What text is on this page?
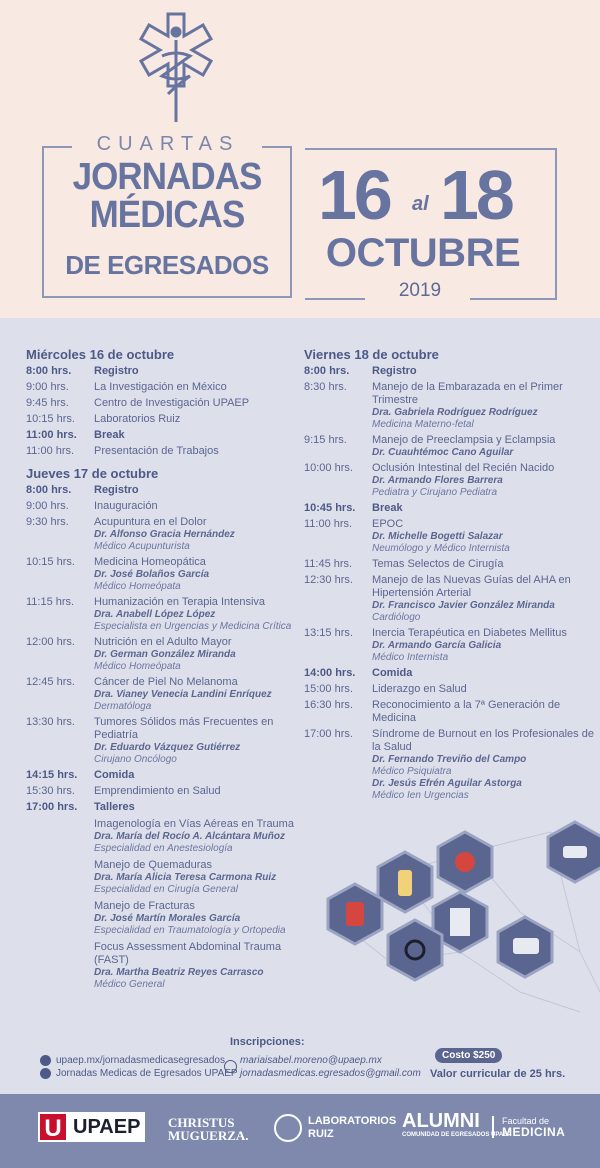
CUARTAS
JORNADAS
MÉDICAS
DE EGRESADOS
16 al 18
OCTUBRE
2019
Miércoles 16 de octubre
8:00 hrs.	Registro
9:00 hrs.	La Investigación en México
9:45 hrs.	Centro de Investigación UPAEP
10:15 hrs.	Laboratorios Ruiz
11:00 hrs.	Break
11:00 hrs.	Presentación de Trabajos
Jueves 17 de octubre
8:00 hrs.	Registro
9:00 hrs.	Inauguración
9:30 hrs.	Acupuntura en el Dolor
Dr. Alfonso Gracia Hernández
Médico Acupunturista
10:15 hrs.	Medicina Homeopática
Dr. José Bolaños García
Médico Homeópata
11:15 hrs.	Humanización en Terapia Intensiva
Dra. Anabell López López
Especialista en Urgencias y Medicina Crítica
12:00 hrs.	Nutrición en el Adulto Mayor
Dr. German González Miranda
Médico Homeópata
12:45 hrs.	Cáncer de Piel No Melanoma
Dra. Vianey Venecia Landini Enríquez
Dermatóloga
13:30 hrs.	Tumores Sólidos más Frecuentes en Pediatría
Dr. Eduardo Vázquez Gutiérrez
Cirujano Oncólogo
14:15 hrs.	Comida
15:30 hrs.	Emprendimiento en Salud
17:00 hrs.	Talleres
Imagenología en Vías Aéreas en Trauma
Dra. María del Rocío A. Alcántara Muñoz
Especialidad en Anestesiología
Manejo de Quemaduras
Dra. María Alicia Teresa Carmona Ruiz
Especialidad en Cirugía General
Manejo de Fracturas
Dr. José Martín Morales García
Especialidad en Traumatología y Ortopedia
Focus Assessment Abdominal Trauma (FAST)
Dra. Martha Beatriz Reyes Carrasco
Médico General
Viernes 18 de octubre
8:00 hrs.	Registro
8:30 hrs.	Manejo de la Embarazada en el Primer Trimestre
Dra. Gabriela Rodríguez Rodríguez
Medicina Materno-fetal
9:15 hrs.	Manejo de Preeclampsia y Eclampsia
Dr. Cuauhtémoc Cano Aguilar
10:00 hrs.	Oclusión Intestinal del Recién Nacido
Dr. Armando Flores Barrera
Pediatra y Cirujano Pediatra
10:45 hrs.	Break
11:00 hrs.	EPOC
Dr. Michelle Bogetti Salazar
Neumólogo y Médico Internista
11:45 hrs.	Temas Selectos de Cirugía
12:30 hrs.	Manejo de las Nuevas Guías del AHA en Hipertensión Arterial
Dr. Francisco Javier González Miranda
Cardiólogo
13:15 hrs.	Inercia Terapéutica en Diabetes Mellitus
Dr. Armando García Galicia
Médico Internista
14:00 hrs.	Comida
15:00 hrs.	Liderazgo en Salud
16:30 hrs.	Reconocimiento a la 7ª Generación de Medicina
17:00 hrs.	Síndrome de Burnout en los Profesionales de la Salud
Dr. Fernando Treviño del Campo
Médico Psiquiatra
Dr. Jesús Efrén Aguilar Astorga
Médico Ien Urgencias
Inscripciones:
upaep.mx/jornadasmedicasegresados
Jornadas Medicas de Egresados UPAEP
mariaisabel.moreno@upaep.mx
jornadasmedicas.egresados@gmail.com
Costo $250
Valor curricular de 25 hrs.
U UPAEP	CHRISTUS
MUGUERZA.
LABORATORIOS
RUIZ
ALUMNI
COMUNIDAD DE EGRESADOS UPAEP
Facultad de
MEDICINA
